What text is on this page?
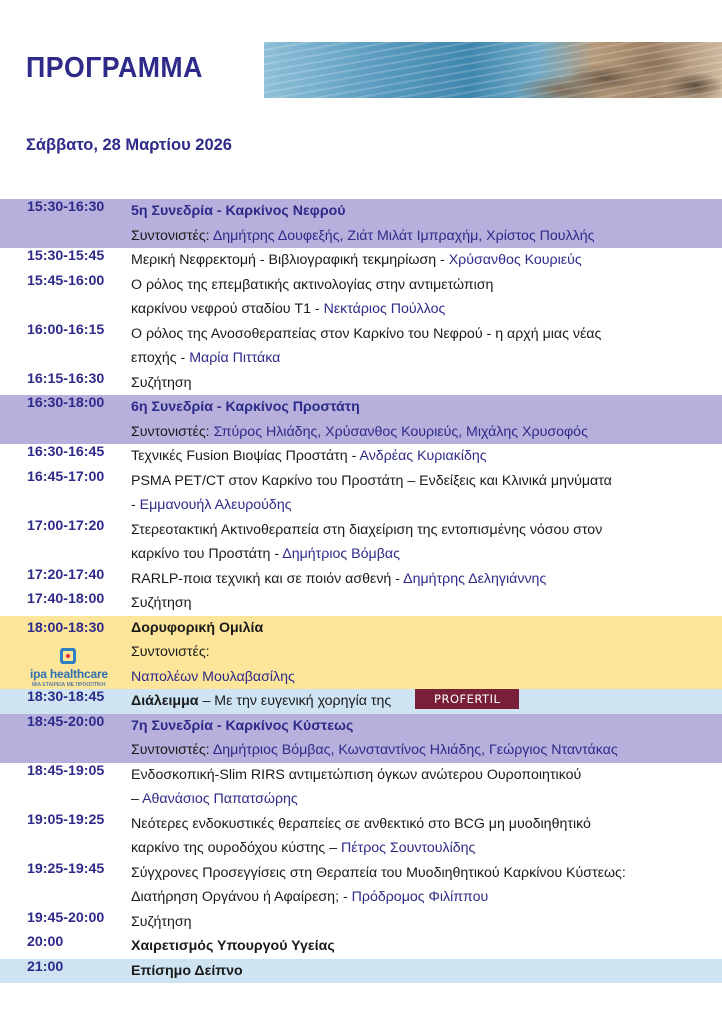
ΠΡΟΓΡΑΜΜΑ
Σάββατο, 28 Μαρτίου 2026
15:30-16:30	5η Συνεδρία - Καρκίνος Νεφρού
Συντονιστές: Δημήτρης Δουφεξής, Ζιάτ Μιλάτ Ιμπραχήμ, Χρίστος Πουλλής
15:30-15:45	Μερική Νεφρεκτομή - Βιβλιογραφική τεκμηρίωση - Χρύσανθος Κουριεύς
15:45-16:00	Ο ρόλος της επεμβατικής ακτινολογίας στην αντιμετώπιση
καρκίνου νεφρού σταδίου T1 - Νεκτάριος Πούλλος
16:00-16:15	Ο ρόλος της Ανοσοθεραπείας στον Καρκίνο του Νεφρού - η αρχή μιας νέας
εποχής - Μαρία Πιττάκα
16:15-16:30	Συζήτηση
16:30-18:00	6η Συνεδρία - Καρκίνος Προστάτη
Συντονιστές: Σπύρος Ηλιάδης, Χρύσανθος Κουριεύς, Μιχάλης Χρυσοφός
16:30-16:45	Τεχνικές Fusion Βιοψίας Προστάτη - Ανδρέας Κυριακίδης
16:45-17:00	PSMA PET/CT στον Καρκίνο του Προστάτη – Ενδείξεις και Κλινικά μηνύματα
- Εμμανουήλ Αλευρούδης
17:00-17:20	Στερεοτακτική Ακτινοθεραπεία στη διαχείριση της εντοπισμένης νόσου στον
καρκίνο του Προστάτη - Δημήτριος Βόμβας
17:20-17:40	RARLP-ποια τεχνική και σε ποιόν ασθενή - Δημήτρης Δεληγιάννης
17:40-18:00	Συζήτηση
18:00-18:30
ipa healthcare
ΜΙΑ ΕΤΑΙΡΕΙΑ ΜΕ ΠΡΟΟΠΤΙΚΗ
Δορυφορική Ομιλία
Συντονιστές:
Ναπολέων Μουλαβασίλης
18:30-18:45	Διάλειμμα – Με την ευγενική χορηγία της	PROFERTIL
18:45-20:00	7η Συνεδρία - Καρκίνος Κύστεως
Συντονιστές: Δημήτριος Βόμβας, Κωνσταντίνος Ηλιάδης, Γεώργιος Νταντάκας
18:45-19:05	Ενδοσκοπική-Slim RIRS αντιμετώπιση όγκων ανώτερου Ουροποιητικού
– Αθανάσιος Παπατσώρης
19:05-19:25	Νεότερες ενδοκυστικές θεραπείες σε ανθεκτικό στο BCG μη μυοδιηθητικό
καρκίνο της ουροδόχου κύστης – Πέτρος Σουντουλίδης
19:25-19:45	Σύγχρονες Προσεγγίσεις στη Θεραπεία του Μυοδιηθητικού Καρκίνου Κύστεως:
Διατήρηση Οργάνου ή Αφαίρεση; - Πρόδρομος Φιλίππου
19:45-20:00	Συζήτηση
20:00	Χαιρετισμός Υπουργού Υγείας
21:00	Επίσημο Δείπνο
